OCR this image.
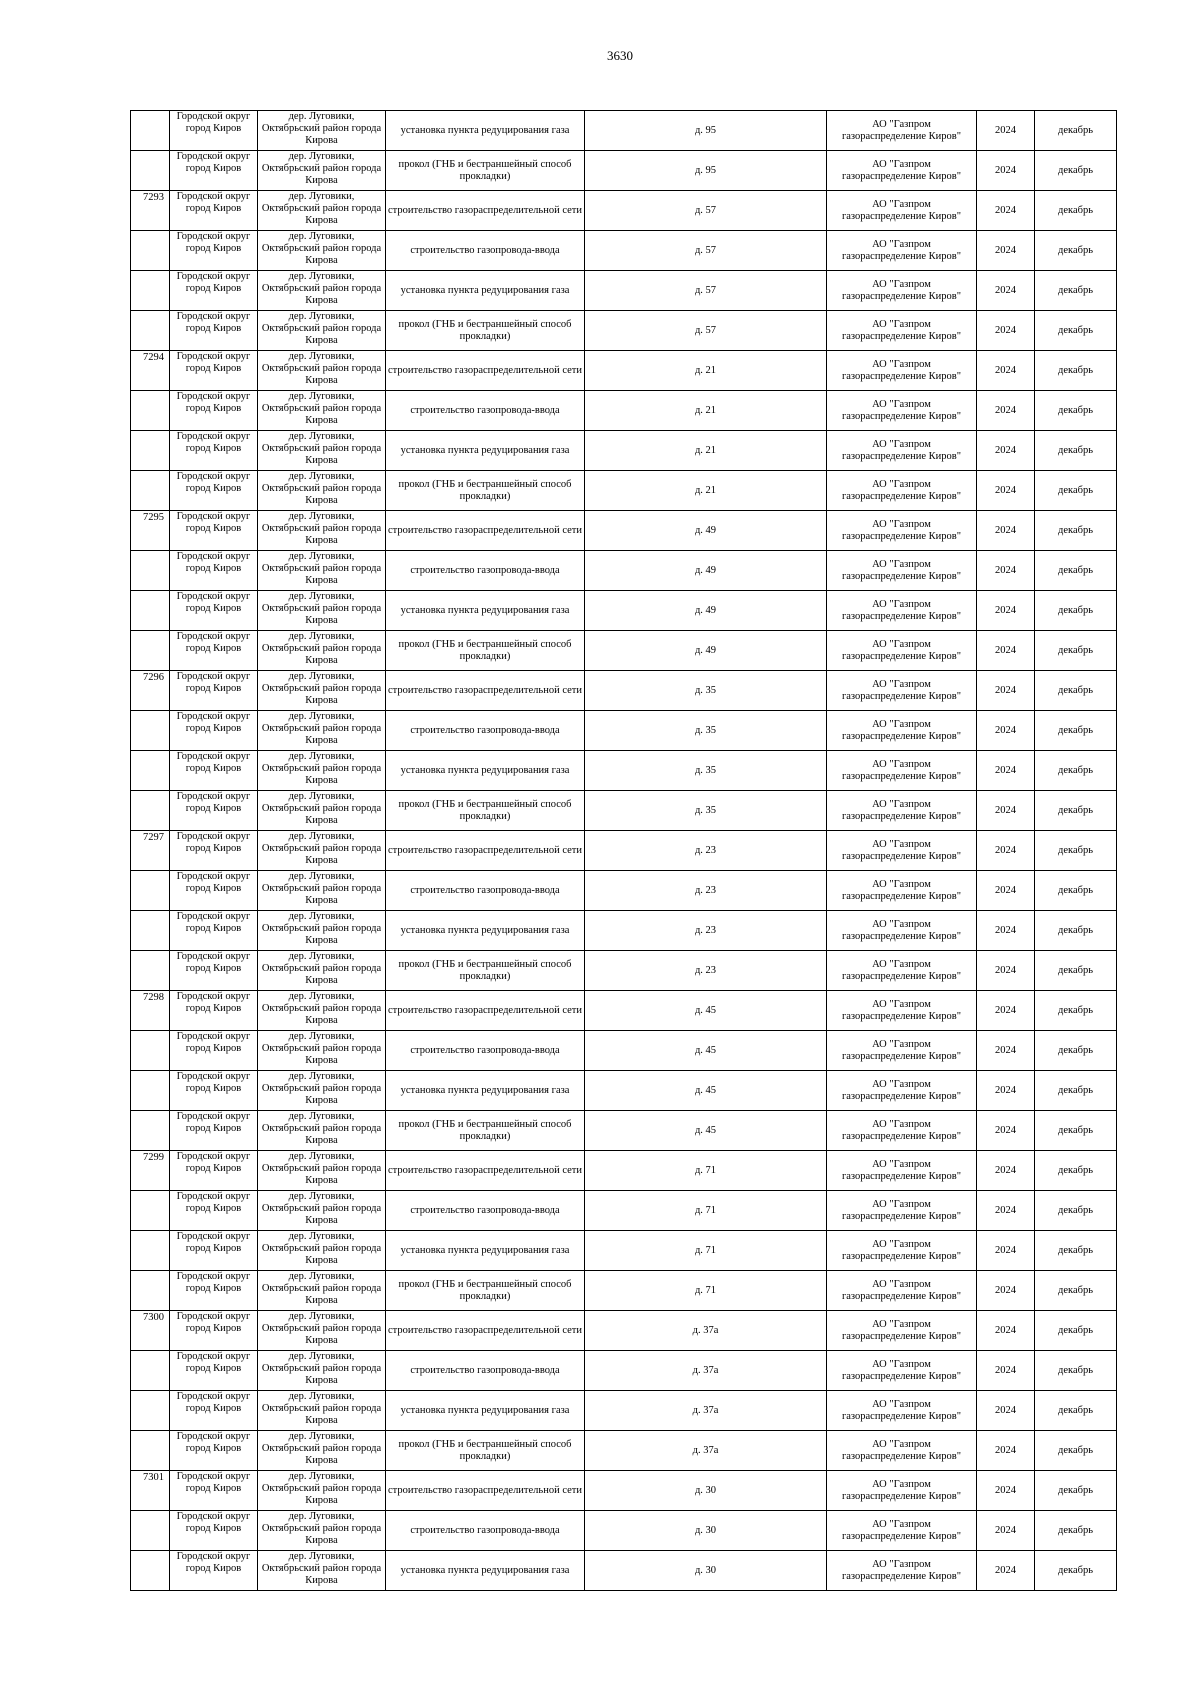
3630

	Городской округ город Киров	дер. Луговики, Октябрьский район города Кирова	установка пункта редуцирования газа	д. 95	АО "Газпром газораспределение Киров"	2024	декабрь

	Городской округ город Киров	дер. Луговики, Октябрьский район города Кирова	прокол (ГНБ и бестраншейный способ прокладки)	д. 95	АО "Газпром газораспределение Киров"	2024	декабрь

7293	Городской округ город Киров	дер. Луговики, Октябрьский район города Кирова	строительство газораспределительной сети	д. 57	АО "Газпром газораспределение Киров"	2024	декабрь

	Городской округ город Киров	дер. Луговики, Октябрьский район города Кирова	строительство газопровода-ввода	д. 57	АО "Газпром газораспределение Киров"	2024	декабрь

	Городской округ город Киров	дер. Луговики, Октябрьский район города Кирова	установка пункта редуцирования газа	д. 57	АО "Газпром газораспределение Киров"	2024	декабрь

	Городской округ город Киров	дер. Луговики, Октябрьский район города Кирова	прокол (ГНБ и бестраншейный способ прокладки)	д. 57	АО "Газпром газораспределение Киров"	2024	декабрь

7294	Городской округ город Киров	дер. Луговики, Октябрьский район города Кирова	строительство газораспределительной сети	д. 21	АО "Газпром газораспределение Киров"	2024	декабрь

	Городской округ город Киров	дер. Луговики, Октябрьский район города Кирова	строительство газопровода-ввода	д. 21	АО "Газпром газораспределение Киров"	2024	декабрь

	Городской округ город Киров	дер. Луговики, Октябрьский район города Кирова	установка пункта редуцирования газа	д. 21	АО "Газпром газораспределение Киров"	2024	декабрь

	Городской округ город Киров	дер. Луговики, Октябрьский район города Кирова	прокол (ГНБ и бестраншейный способ прокладки)	д. 21	АО "Газпром газораспределение Киров"	2024	декабрь

7295	Городской округ город Киров	дер. Луговики, Октябрьский район города Кирова	строительство газораспределительной сети	д. 49	АО "Газпром газораспределение Киров"	2024	декабрь

	Городской округ город Киров	дер. Луговики, Октябрьский район города Кирова	строительство газопровода-ввода	д. 49	АО "Газпром газораспределение Киров"	2024	декабрь

	Городской округ город Киров	дер. Луговики, Октябрьский район города Кирова	установка пункта редуцирования газа	д. 49	АО "Газпром газораспределение Киров"	2024	декабрь

	Городской округ город Киров	дер. Луговики, Октябрьский район города Кирова	прокол (ГНБ и бестраншейный способ прокладки)	д. 49	АО "Газпром газораспределение Киров"	2024	декабрь

7296	Городской округ город Киров	дер. Луговики, Октябрьский район города Кирова	строительство газораспределительной сети	д. 35	АО "Газпром газораспределение Киров"	2024	декабрь

	Городской округ город Киров	дер. Луговики, Октябрьский район города Кирова	строительство газопровода-ввода	д. 35	АО "Газпром газораспределение Киров"	2024	декабрь

	Городской округ город Киров	дер. Луговики, Октябрьский район города Кирова	установка пункта редуцирования газа	д. 35	АО "Газпром газораспределение Киров"	2024	декабрь

	Городской округ город Киров	дер. Луговики, Октябрьский район города Кирова	прокол (ГНБ и бестраншейный способ прокладки)	д. 35	АО "Газпром газораспределение Киров"	2024	декабрь

7297	Городской округ город Киров	дер. Луговики, Октябрьский район города Кирова	строительство газораспределительной сети	д. 23	АО "Газпром газораспределение Киров"	2024	декабрь

	Городской округ город Киров	дер. Луговики, Октябрьский район города Кирова	строительство газопровода-ввода	д. 23	АО "Газпром газораспределение Киров"	2024	декабрь

	Городской округ город Киров	дер. Луговики, Октябрьский район города Кирова	установка пункта редуцирования газа	д. 23	АО "Газпром газораспределение Киров"	2024	декабрь

	Городской округ город Киров	дер. Луговики, Октябрьский район города Кирова	прокол (ГНБ и бестраншейный способ прокладки)	д. 23	АО "Газпром газораспределение Киров"	2024	декабрь

7298	Городской округ город Киров	дер. Луговики, Октябрьский район города Кирова	строительство газораспределительной сети	д. 45	АО "Газпром газораспределение Киров"	2024	декабрь

	Городской округ город Киров	дер. Луговики, Октябрьский район города Кирова	строительство газопровода-ввода	д. 45	АО "Газпром газораспределение Киров"	2024	декабрь

	Городской округ город Киров	дер. Луговики, Октябрьский район города Кирова	установка пункта редуцирования газа	д. 45	АО "Газпром газораспределение Киров"	2024	декабрь

	Городской округ город Киров	дер. Луговики, Октябрьский район города Кирова	прокол (ГНБ и бестраншейный способ прокладки)	д. 45	АО "Газпром газораспределение Киров"	2024	декабрь

7299	Городской округ город Киров	дер. Луговики, Октябрьский район города Кирова	строительство газораспределительной сети	д. 71	АО "Газпром газораспределение Киров"	2024	декабрь

	Городской округ город Киров	дер. Луговики, Октябрьский район города Кирова	строительство газопровода-ввода	д. 71	АО "Газпром газораспределение Киров"	2024	декабрь

	Городской округ город Киров	дер. Луговики, Октябрьский район города Кирова	установка пункта редуцирования газа	д. 71	АО "Газпром газораспределение Киров"	2024	декабрь

	Городской округ город Киров	дер. Луговики, Октябрьский район города Кирова	прокол (ГНБ и бестраншейный способ прокладки)	д. 71	АО "Газпром газораспределение Киров"	2024	декабрь

7300	Городской округ город Киров	дер. Луговики, Октябрьский район города Кирова	строительство газораспределительной сети	д. 37а	АО "Газпром газораспределение Киров"	2024	декабрь

	Городской округ город Киров	дер. Луговики, Октябрьский район города Кирова	строительство газопровода-ввода	д. 37а	АО "Газпром газораспределение Киров"	2024	декабрь

	Городской округ город Киров	дер. Луговики, Октябрьский район города Кирова	установка пункта редуцирования газа	д. 37а	АО "Газпром газораспределение Киров"	2024	декабрь

	Городской округ город Киров	дер. Луговики, Октябрьский район города Кирова	прокол (ГНБ и бестраншейный способ прокладки)	д. 37а	АО "Газпром газораспределение Киров"	2024	декабрь

7301	Городской округ город Киров	дер. Луговики, Октябрьский район города Кирова	строительство газораспределительной сети	д. 30	АО "Газпром газораспределение Киров"	2024	декабрь

	Городской округ город Киров	дер. Луговики, Октябрьский район города Кирова	строительство газопровода-ввода	д. 30	АО "Газпром газораспределение Киров"	2024	декабрь

	Городской округ город Киров	дер. Луговики, Октябрьский район города Кирова	установка пункта редуцирования газа	д. 30	АО "Газпром газораспределение Киров"	2024	декабрь
